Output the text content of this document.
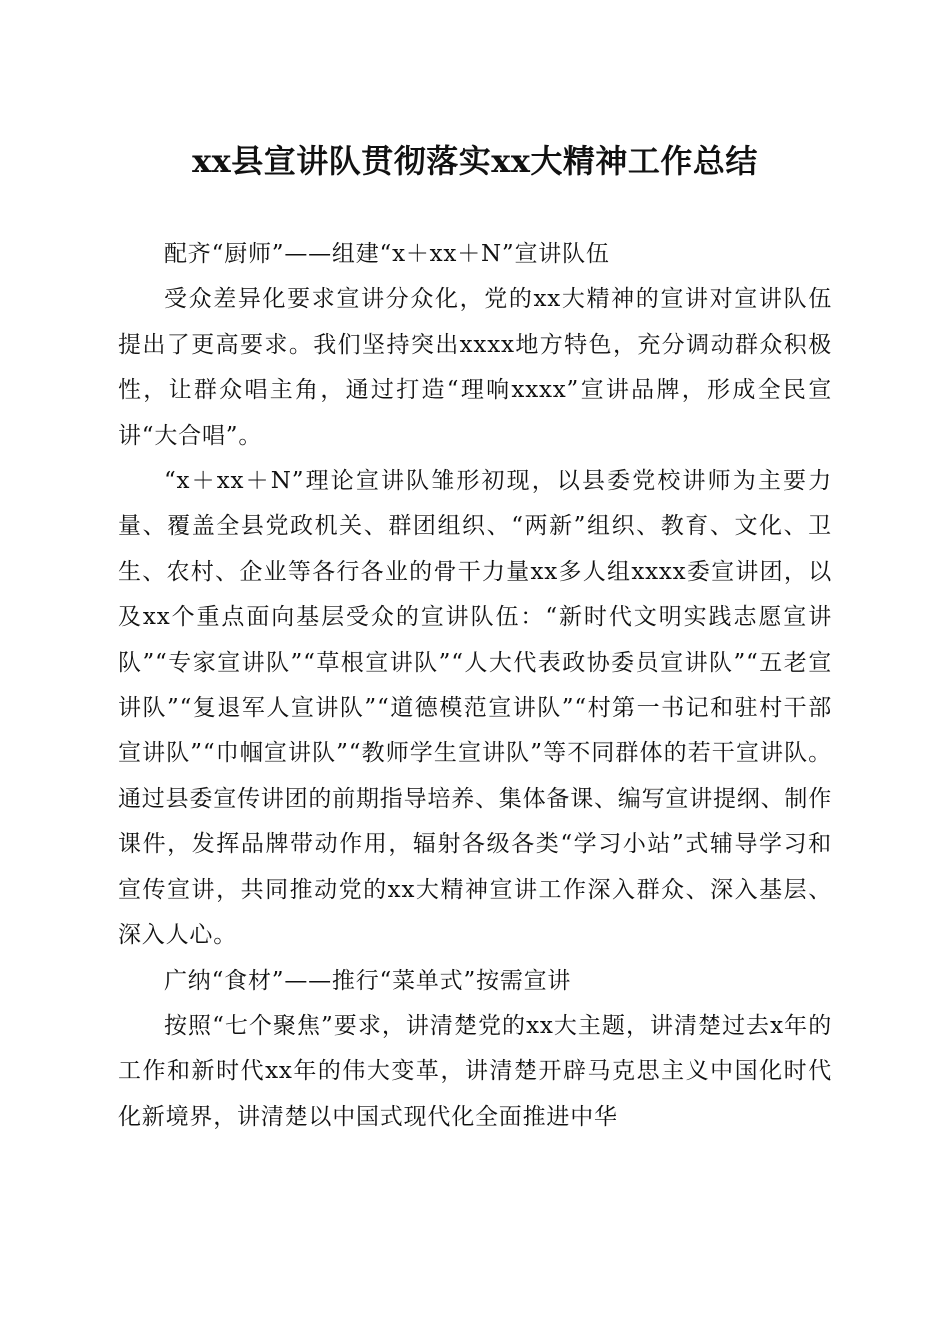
xx县宣讲队贯彻落实xx大精神工作总结

配齐“厨师”——组建“x＋xx＋N”宣讲队伍

受众差异化要求宣讲分众化，党的xx大精神的宣讲对宣讲队伍提出了更高要求。我们坚持突出xxxx地方特色，充分调动群众积极性，让群众唱主角，通过打造“理响xxxx”宣讲品牌，形成全民宣讲“大合唱”。

“x＋xx＋N”理论宣讲队雏形初现，以县委党校讲师为主要力量、覆盖全县党政机关、群团组织、“两新”组织、教育、文化、卫生、农村、企业等各行各业的骨干力量xx多人组xxxx委宣讲团，以及xx个重点面向基层受众的宣讲队伍：“新时代文明实践志愿宣讲队”“专家宣讲队”“草根宣讲队”“人大代表政协委员宣讲队”“五老宣讲队”“复退军人宣讲队”“道德模范宣讲队”“村第一书记和驻村干部宣讲队”“巾帼宣讲队”“教师学生宣讲队”等不同群体的若干宣讲队。通过县委宣传讲团的前期指导培养、集体备课、编写宣讲提纲、制作课件，发挥品牌带动作用，辐射各级各类“学习小站”式辅导学习和宣传宣讲，共同推动党的xx大精神宣讲工作深入群众、深入基层、深入人心。

广纳“食材”——推行“菜单式”按需宣讲

按照“七个聚焦”要求，讲清楚党的xx大主题，讲清楚过去x年的工作和新时代xx年的伟大变革，讲清楚开辟马克思主义中国化时代化新境界，讲清楚以中国式现代化全面推进中华
